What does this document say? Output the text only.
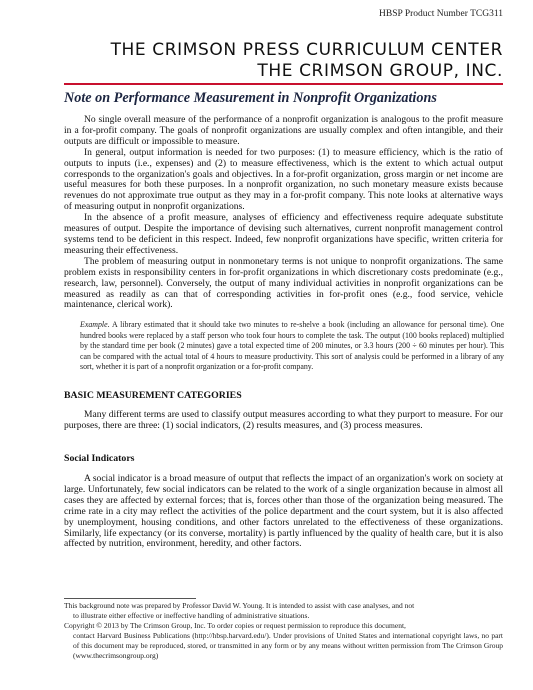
HBSP Product Number TCG311
THE CRIMSON PRESS CURRICULUM CENTER
THE CRIMSON GROUP, INC.
Note on Performance Measurement in Nonprofit Organizations

No single overall measure of the performance of a nonprofit organization is analogous to the profit measure in a for-profit company. The goals of nonprofit organizations are usually complex and often intangible, and their outputs are difficult or impossible to measure.

In general, output information is needed for two purposes: (1) to measure efficiency, which is the ratio of outputs to inputs (i.e., expenses) and (2) to measure effectiveness, which is the extent to which actual output corresponds to the organization's goals and objectives. In a for-profit organization, gross margin or net income are useful measures for both these purposes. In a nonprofit organization, no such monetary measure exists because revenues do not approximate true output as they may in a for-profit company. This note looks at alternative ways of measuring output in nonprofit organizations.

In the absence of a profit measure, analyses of efficiency and effectiveness require adequate substitute measures of output. Despite the importance of devising such alternatives, current nonprofit management control systems tend to be deficient in this respect. Indeed, few nonprofit organizations have specific, written criteria for measuring their effectiveness.

The problem of measuring output in nonmonetary terms is not unique to nonprofit organizations. The same problem exists in responsibility centers in for-profit organizations in which discretionary costs predominate (e.g., research, law, personnel). Conversely, the output of many individual activities in nonprofit organizations can be measured as readily as can that of corresponding activities in for-profit ones (e.g., food service, vehicle maintenance, clerical work).

Example. A library estimated that it should take two minutes to re-shelve a book (including an allowance for personal time). One hundred books were replaced by a staff person who took four hours to complete the task. The output (100 books replaced) multiplied by the standard time per book (2 minutes) gave a total expected time of 200 minutes, or 3.3 hours (200 ÷ 60 minutes per hour). This can be compared with the actual total of 4 hours to measure productivity. This sort of analysis could be performed in a library of any sort, whether it is part of a nonprofit organization or a for-profit company.
BASIC MEASUREMENT CATEGORIES

Many different terms are used to classify output measures according to what they purport to measure. For our purposes, there are three: (1) social indicators, (2) results measures, and (3) process measures.

Social Indicators

A social indicator is a broad measure of output that reflects the impact of an organization's work on society at large. Unfortunately, few social indicators can be related to the work of a single organization because in almost all cases they are affected by external forces; that is, forces other than those of the organization being measured. The crime rate in a city may reflect the activities of the police department and the court system, but it is also affected by unemployment, housing conditions, and other factors unrelated to the effectiveness of these organizations. Similarly, life expectancy (or its converse, mortality) is partly influenced by the quality of health care, but it is also affected by nutrition, environment, heredity, and other factors.

This background note was prepared by Professor David W. Young. It is intended to assist with case analyses, and not
to illustrate either effective or ineffective handling of administrative situations.
Copyright © 2013 by The Crimson Group, Inc. To order copies or request permission to reproduce this document,
contact Harvard Business Publications (http://hbsp.harvard.edu/). Under provisions of United States and international copyright laws, no part of this document may be reproduced, stored, or transmitted in any form or by any means without written permission from The Crimson Group (www.thecrimsongroup.org)
